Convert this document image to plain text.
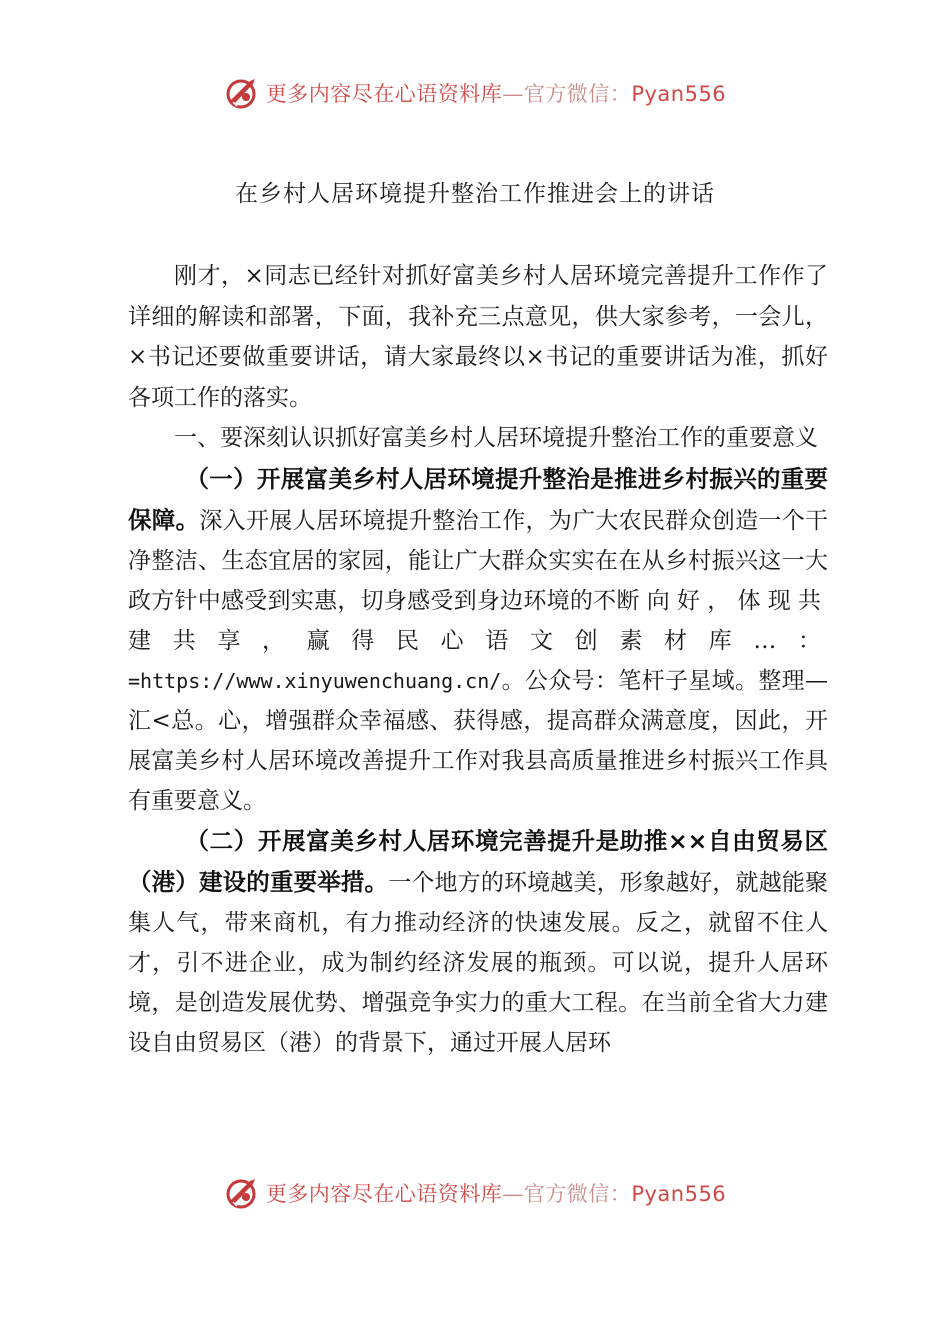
更多内容尽在心语资料库—官方微信：Pyan556
在乡村人居环境提升整治工作推进会上的讲话

刚才，×同志已经针对抓好富美乡村人居环境完善提升工作作了详细的解读和部署，下面，我补充三点意见，供大家参考，一会儿，×书记还要做重要讲话，请大家最终以×书记的重要讲话为准，抓好各项工作的落实。

一、要深刻认识抓好富美乡村人居环境提升整治工作的重要意义

（一）开展富美乡村人居环境提升整治是推进乡村振兴的重要保障。深入开展人居环境提升整治工作，为广大农民群众创造一个干净整洁、生态宜居的家园，能让广大群众实实在在从乡村振兴这一大政方针中感受到实惠，切身感受到身边环境的不断向好，体现共建共享，赢得民心语文创素材库…：=https://www.xinyuwenchuang.cn/。公众号：笔杆子星域。整理—汇<总。心，增强群众幸福感、获得感，提高群众满意度，因此，开展富美乡村人居环境改善提升工作对我县高质量推进乡村振兴工作具有重要意义。

（二）开展富美乡村人居环境完善提升是助推××自由贸易区（港）建设的重要举措。一个地方的环境越美，形象越好，就越能聚集人气，带来商机，有力推动经济的快速发展。反之，就留不住人才，引不进企业，成为制约经济发展的瓶颈。可以说，提升人居环境，是创造发展优势、增强竞争实力的重大工程。在当前全省大力建设自由贸易区（港）的背景下，通过开展人居环

更多内容尽在心语资料库—官方微信：Pyan556
